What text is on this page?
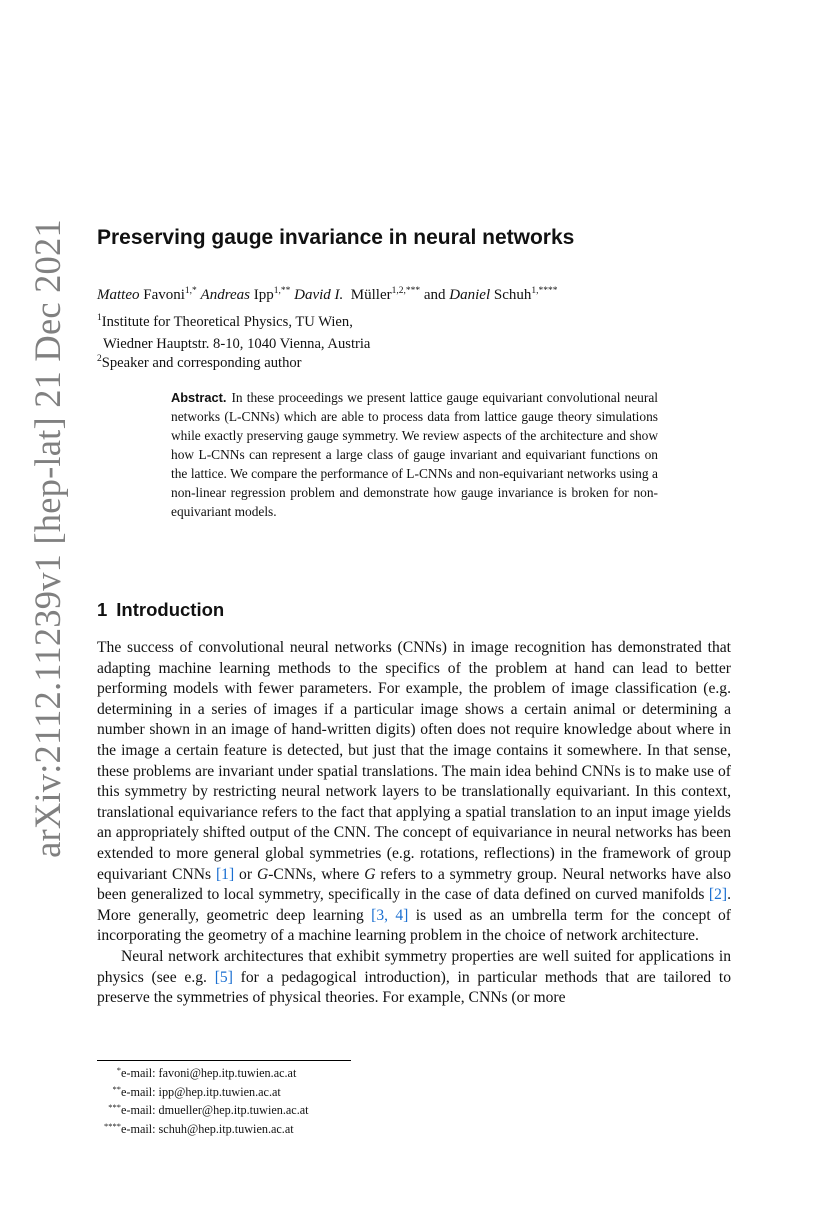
arXiv:2112.11239v1 [hep-lat] 21 Dec 2021 Preserving gauge invariance in neural networks
Matteo Favoni$^{1,*}$ Andreas Ipp$^{1,**}$ David I. Müller$^{1,2,***}$ and Daniel Schuh$^{1,****}$
$^1$Institute for Theoretical Physics, TU Wien,
Wiedner Hauptstr. 8-10, 1040 Vienna, Austria
$^2$Speaker and corresponding author
Abstract. In these proceedings we present lattice gauge equivariant convolutional neural networks (L-CNNs) which are able to process data from lattice gauge theory simulations while exactly preserving gauge symmetry. We review aspects of the architecture and show how L-CNNs can represent a large class of gauge invariant and equivariant functions on the lattice. We compare the performance of L-CNNs and non-equivariant networks using a non-linear regression problem and demonstrate how gauge invariance is broken for non-equivariant models.
1 Introduction

The success of convolutional neural networks (CNNs) in image recognition has demonstrated that adapting machine learning methods to the specifics of the problem at hand can lead to better performing models with fewer parameters. For example, the problem of image classification (e.g. determining in a series of images if a particular image shows a certain animal or determining a number shown in an image of hand-written digits) often does not require knowledge about where in the image a certain feature is detected, but just that the image contains it somewhere. In that sense, these problems are invariant under spatial translations. The main idea behind CNNs is to make use of this symmetry by restricting neural network layers to be translationally equivariant. In this context, translational equivariance refers to the fact that applying a spatial translation to an input image yields an appropriately shifted output of the CNN. The concept of equivariance in neural networks has been extended to more general global symmetries (e.g. rotations, reflections) in the framework of group equivariant CNNs [1] or G-CNNs, where G refers to a symmetry group. Neural networks have also been generalized to local symmetry, specifically in the case of data defined on curved manifolds [2]. More generally, geometric deep learning [3, 4] is used as an umbrella term for the concept of incorporating the geometry of a machine learning problem in the choice of network architecture.

Neural network architectures that exhibit symmetry properties are well suited for applications in physics (see e.g. [5] for a pedagogical introduction), in particular methods that are tailored to preserve the symmetries of physical theories. For example, CNNs (or more

* e-mail: favoni@hep.itp.tuwien.ac.at
** e-mail: ipp@hep.itp.tuwien.ac.at
*** e-mail: dmueller@hep.itp.tuwien.ac.at
**** e-mail: schuh@hep.itp.tuwien.ac.at
